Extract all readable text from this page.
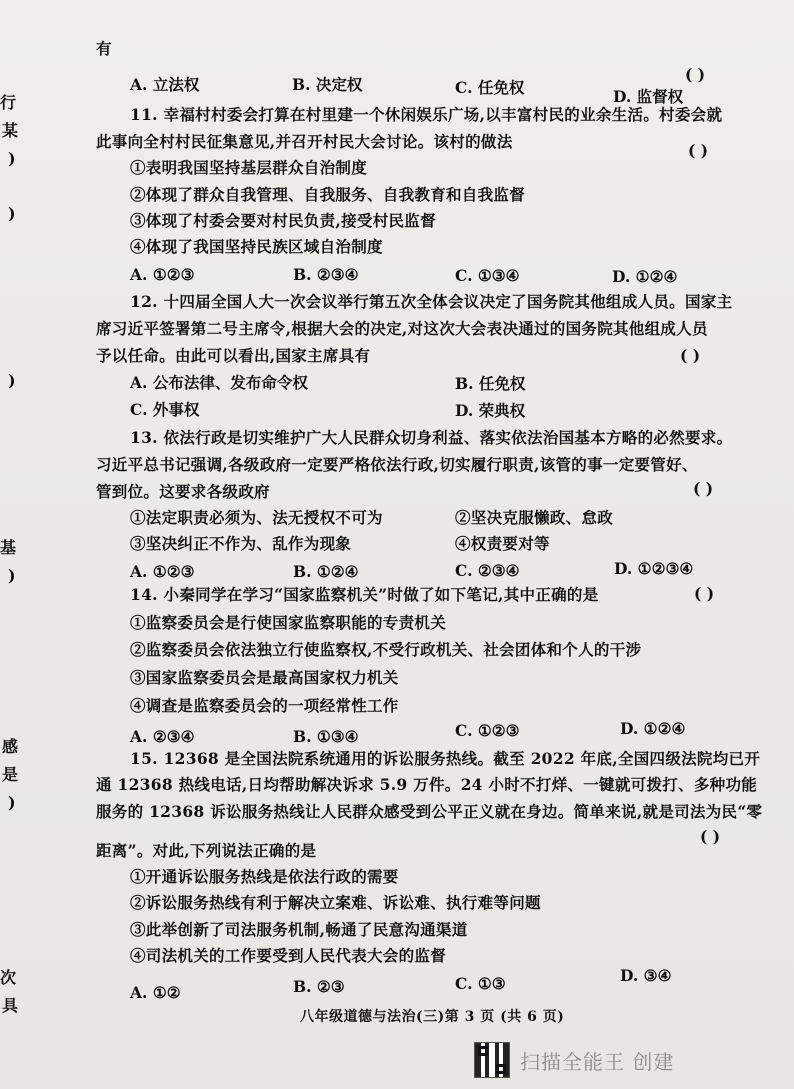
行
某
)
)
)
基
)
感
是
)
次
具
有
( )
A. 立法权	B. 决定权	C. 任免权	D. 监督权
11. 幸福村村委会打算在村里建一个休闲娱乐广场,以丰富村民的业余生活。村委会就
此事向全村村民征集意见,并召开村民大会讨论。该村的做法	( )
①表明我国坚持基层群众自治制度
②体现了群众自我管理、自我服务、自我教育和自我监督
③体现了村委会要对村民负责,接受村民监督
④体现了我国坚持民族区域自治制度
A. ①②③	B. ②③④	C. ①③④	D. ①②④
12. 十四届全国人大一次会议举行第五次全体会议决定了国务院其他组成人员。国家主
席习近平签署第二号主席令,根据大会的决定,对这次大会表决通过的国务院其他组成人员
予以任命。由此可以看出,国家主席具有	( )
A. 公布法律、发布命令权	B. 任免权
C. 外事权	D. 荣典权
13. 依法行政是切实维护广大人民群众切身利益、落实依法治国基本方略的必然要求。
习近平总书记强调,各级政府一定要严格依法行政,切实履行职责,该管的事一定要管好、
管到位。这要求各级政府	( )
①法定职责必须为、法无授权不可为	②坚决克服懒政、怠政
③坚决纠正不作为、乱作为现象	④权责要对等
A. ①②③	B. ①②④	C. ②③④	D. ①②③④
14. 小秦同学在学习“国家监察机关”时做了如下笔记,其中正确的是	( )
①监察委员会是行使国家监察职能的专责机关
②监察委员会依法独立行使监察权,不受行政机关、社会团体和个人的干涉
③国家监察委员会是最高国家权力机关
④调查是监察委员会的一项经常性工作
A. ②③④	B. ①③④	C. ①②③	D. ①②④
15. 12368 是全国法院系统通用的诉讼服务热线。截至 2022 年底,全国四级法院均已开
通 12368 热线电话,日均帮助解决诉求 5.9 万件。24 小时不打烊、一键就可拨打、多种功能
服务的 12368 诉讼服务热线让人民群众感受到公平正义就在身边。简单来说,就是司法为民“零
距离”。对此,下列说法正确的是
( )
①开通诉讼服务热线是依法行政的需要
②诉讼服务热线有利于解决立案难、诉讼难、执行难等问题
③此举创新了司法服务机制,畅通了民意沟通渠道
④司法机关的工作要受到人民代表大会的监督
A. ①②	B. ②③	C. ①③	D. ③④
八年级道德与法治(三)第 3 页 (共 6 页)
扫描全能王 创建
